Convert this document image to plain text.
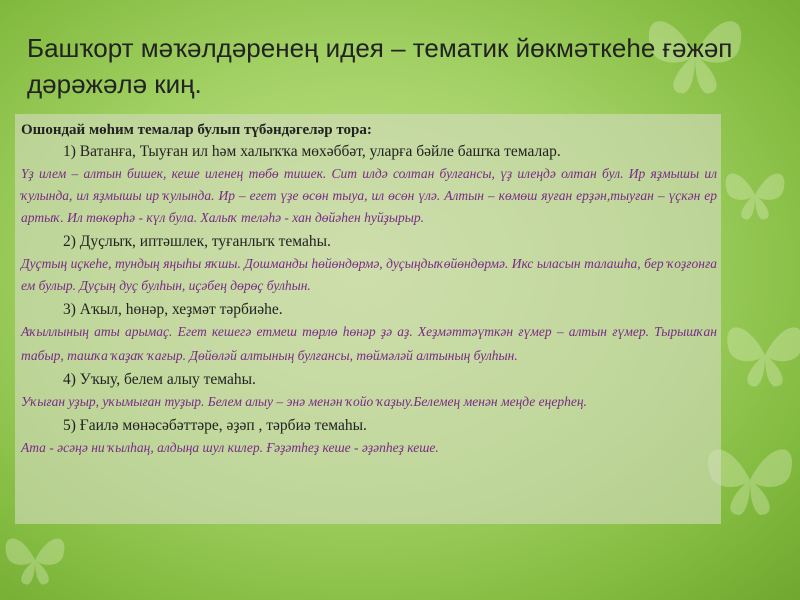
Башҡорт мәҡәлдәренең идея – тематик йөкмәткеһе ғәжәп дәрәжәлә киң.

Ошондай мөһим темалар булып түбәндәгеләр тора:

1) Ватанға, Тыуған ил һәм халыҡҡа мөхәббәт, уларға бәйле башҡа темалар.

Үҙ илем – алтын бишек, кеше иленең төбө тишек. Сит илдә солтан булғансы, үҙ илеңдә олтан бул. Ир яҙмышы ил ҡулында, ил яҙмышы ир ҡулында. Ир – егет үҙе өсөн тыуа, ил өсөн үлә. Алтын – көмөш яуған ерҙән,тыуған – үҫкән ер артыҡ. Ил төкөрһә - күл була. Халыҡ теләһә - хан дөйәһен һуйҙырыр.

2) Дуҫлыҡ, иптәшлек, туғанлыҡ темаһы.

Дуҫтың иҫкеһе, тундың яңыһы яҡшы. Дошманды һөйөндөрмә, дуҫыңдыҡөйөндөрмә. Икс ыласын талашһа, бер ҡоҙғонға ем булыр. Дуҫың дуҫ булһын, иҫәбең дөрөҫ булһын.

3) Аҡыл, һөнәр, хеҙмәт тәрбиәһе.

Аҡыллының аты арымаҫ. Егет кешегә етмеш төрлө һөнәр ҙә аҙ. Хеҙмәттәүткән ғүмер – алтын ғүмер. Тырышҡан табыр, ташҡа ҡаҙаҡ ҡағыр. Дөйөләй алтының булғансы, төймәләй алтының булһын.

4) Уҡыу, белем алыу темаһы.

Уҡыған уҙыр, уҡымыған туҙыр. Белем алыу – энә менән ҡойо ҡаҙыу.Белемең менән меңде еңерһең.

5) Ғаилә мөнәсәбәттәре, әҙәп , тәрбиә темаһы.

Ата - әсәңә ни ҡылһаң, алдыңа шул килер. Ғәҙәтһеҙ кеше - әҙәпһеҙ кеше.
